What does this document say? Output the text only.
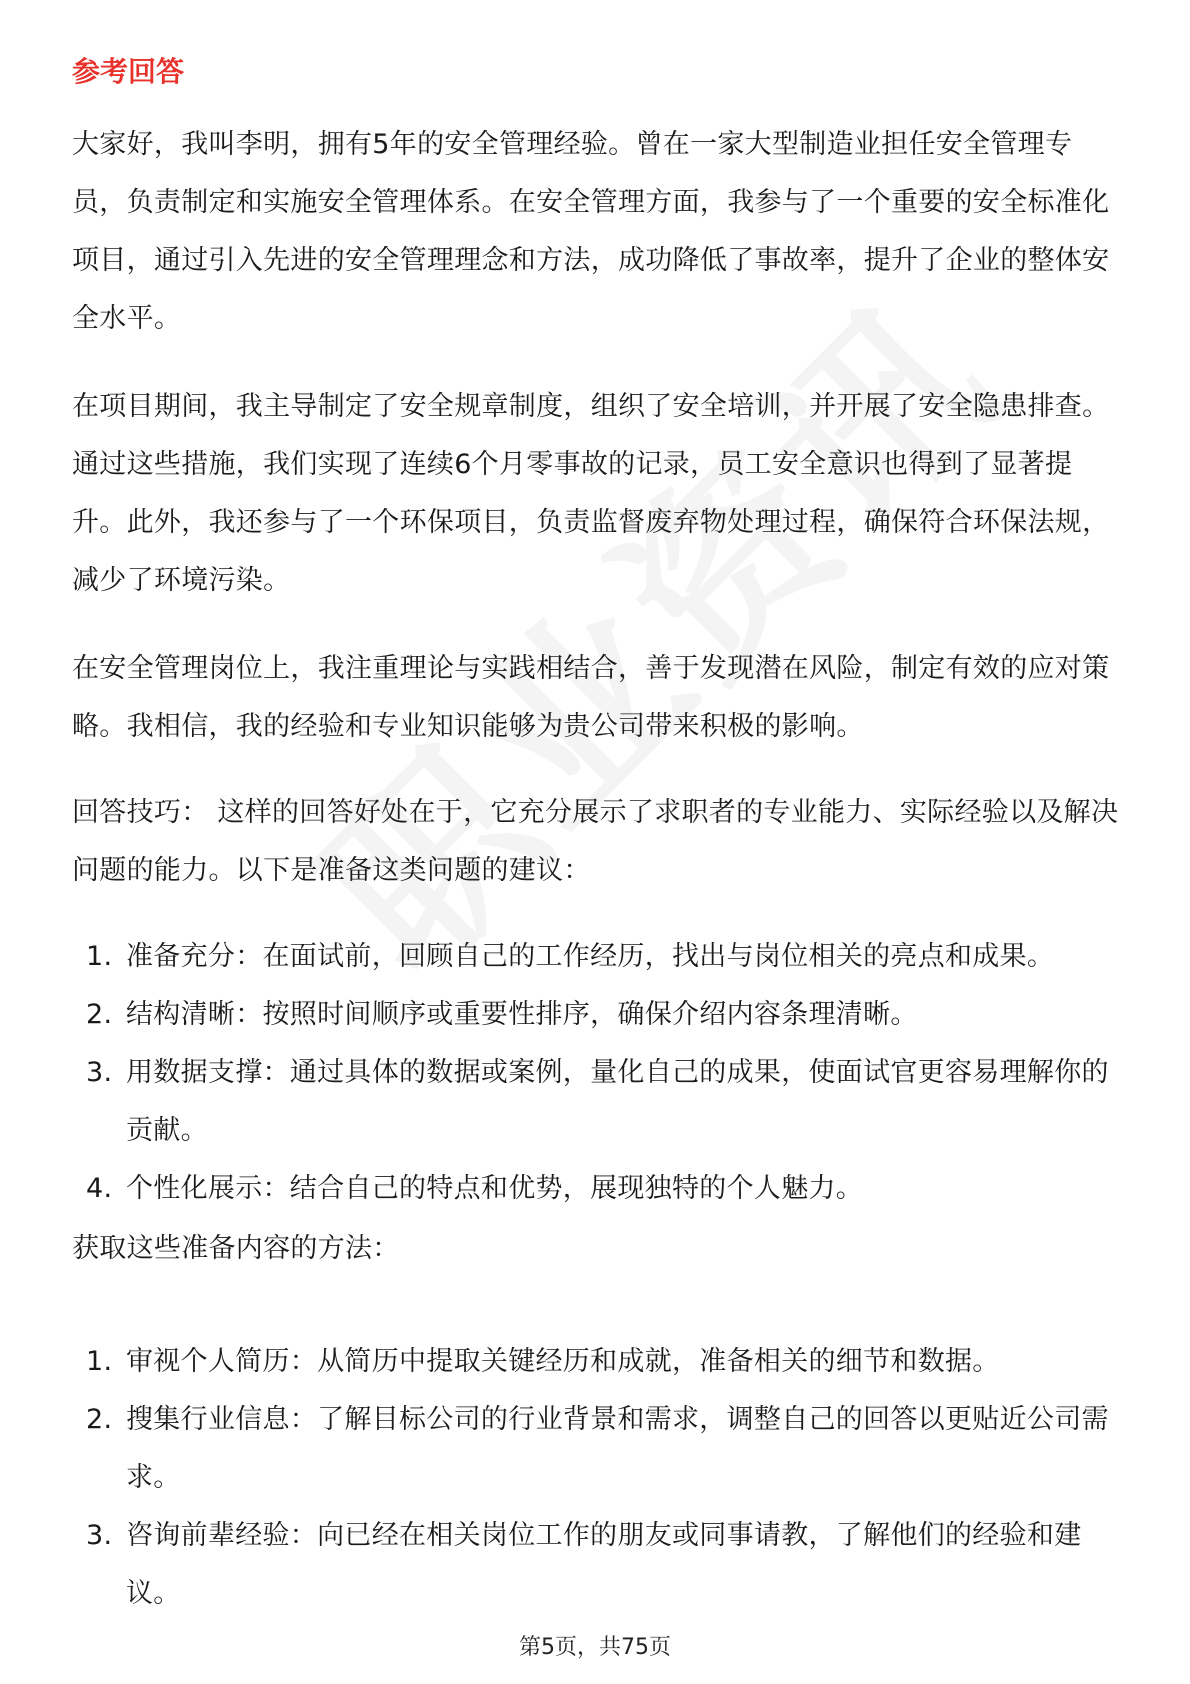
参考回答

大家好，我叫李明，拥有5年的安全管理经验。曾在一家大型制造业担任安全管理专员，负责制定和实施安全管理体系。在安全管理方面，我参与了一个重要的安全标准化项目，通过引入先进的安全管理理念和方法，成功降低了事故率，提升了企业的整体安全水平。

在项目期间，我主导制定了安全规章制度，组织了安全培训，并开展了安全隐患排查。通过这些措施，我们实现了连续6个月零事故的记录，员工安全意识也得到了显著提升。此外，我还参与了一个环保项目，负责监督废弃物处理过程，确保符合环保法规，减少了环境污染。

在安全管理岗位上，我注重理论与实践相结合，善于发现潜在风险，制定有效的应对策略。我相信，我的经验和专业知识能够为贵公司带来积极的影响。

回答技巧： 这样的回答好处在于，它充分展示了求职者的专业能力、实际经验以及解决问题的能力。以下是准备这类问题的建议：

1. 准备充分：在面试前，回顾自己的工作经历，找出与岗位相关的亮点和成果。
2. 结构清晰：按照时间顺序或重要性排序，确保介绍内容条理清晰。
3. 用数据支撑：通过具体的数据或案例，量化自己的成果，使面试官更容易理解你的贡献。
4. 个性化展示：结合自己的特点和优势，展现独特的个人魅力。

获取这些准备内容的方法：

1. 审视个人简历：从简历中提取关键经历和成就，准备相关的细节和数据。
2. 搜集行业信息：了解目标公司的行业背景和需求，调整自己的回答以更贴近公司需求。
3. 咨询前辈经验：向已经在相关岗位工作的朋友或同事请教，了解他们的经验和建议。
第5页，共75页
